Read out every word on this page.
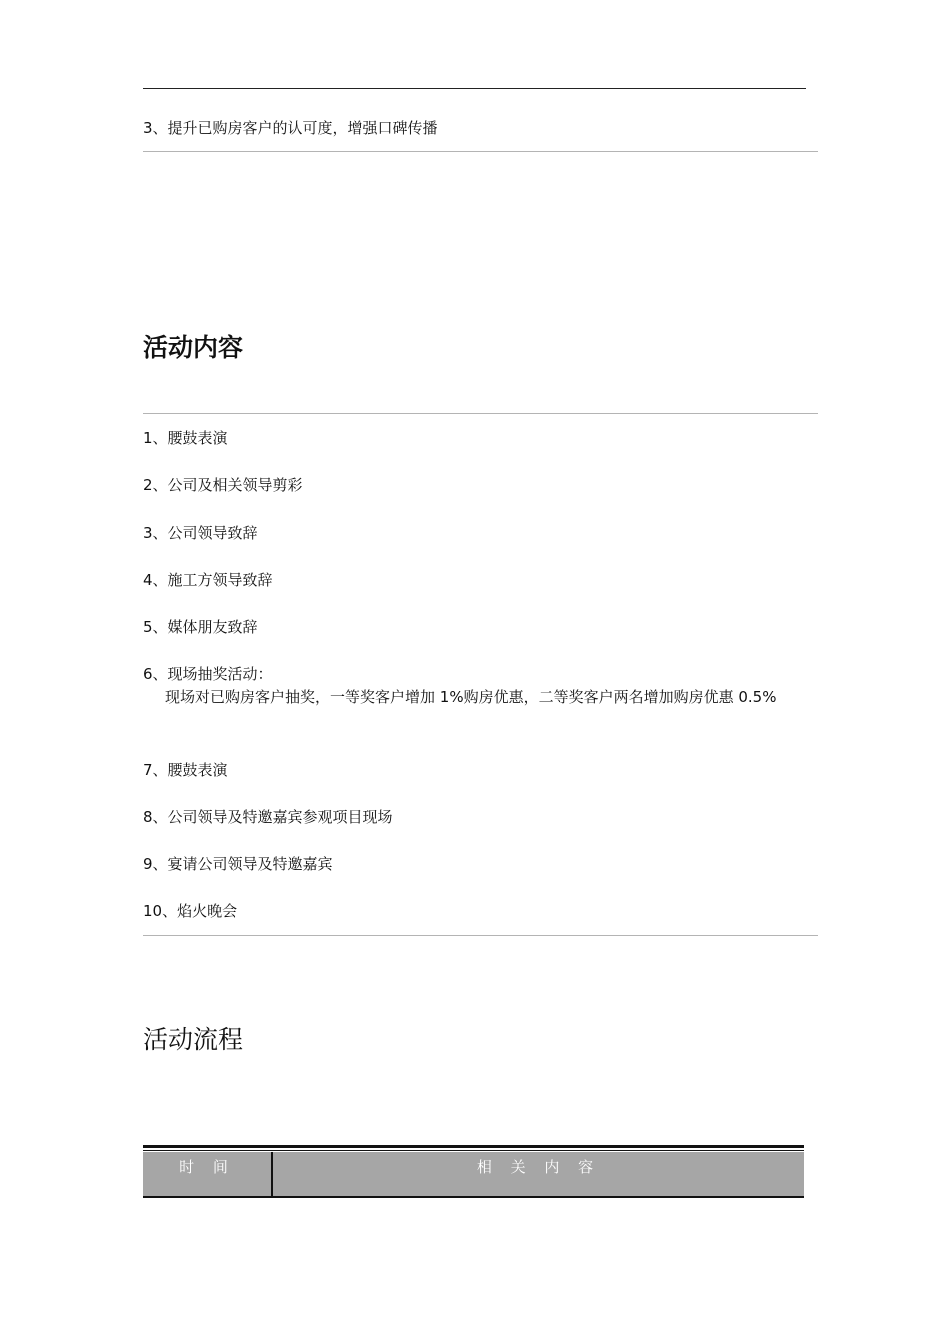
3、提升已购房客户的认可度，增强口碑传播
活动内容
1、腰鼓表演
2、公司及相关领导剪彩
3、公司领导致辞
4、施工方领导致辞
5、媒体朋友致辞
6、现场抽奖活动：
现场对已购房客户抽奖，一等奖客户增加 1%购房优惠，二等奖客户两名增加购房优惠 0.5%
7、腰鼓表演
8、公司领导及特邀嘉宾参观项目现场
9、宴请公司领导及特邀嘉宾
10、焰火晚会
活动流程
时 间	相 关 内 容
